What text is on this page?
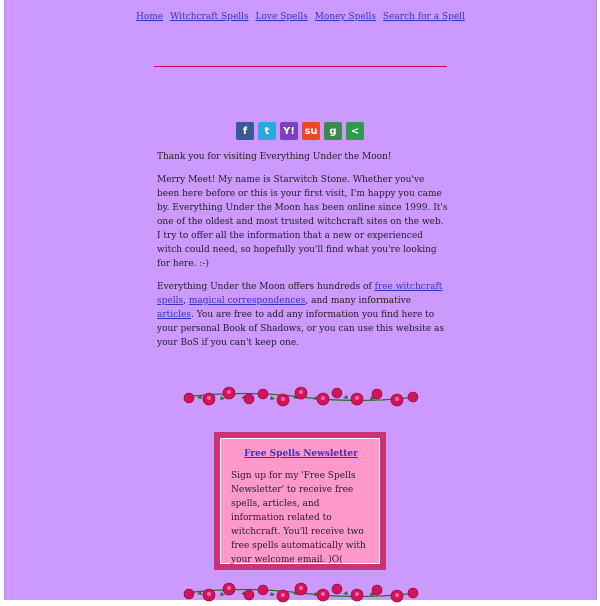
Home Witchcraft Spells Love Spells Money Spells Search for a Spell
f	t	Y! su	g	<

Thank you for visiting Everything Under the Moon!

Merry Meet! My name is Starwitch Stone. Whether you've been here before or this is your first visit, I'm happy you came by. Everything Under the Moon has been online since 1999. It's one of the oldest and most trusted witchcraft sites on the web. I try to offer all the information that a new or experienced witch could need, so hopefully you'll find what you're looking for here. :-)

Everything Under the Moon offers hundreds of free witchcraft spells, magical correspondences, and many informative articles. You are free to add any information you find here to your personal Book of Shadows, or you can use this website as your BoS if you can't keep one.

Free Spells Newsletter
Sign up for my 'Free Spells Newsletter' to receive free spells, articles, and information related to witchcraft. You'll receive two free spells automatically with your welcome email. )O(
